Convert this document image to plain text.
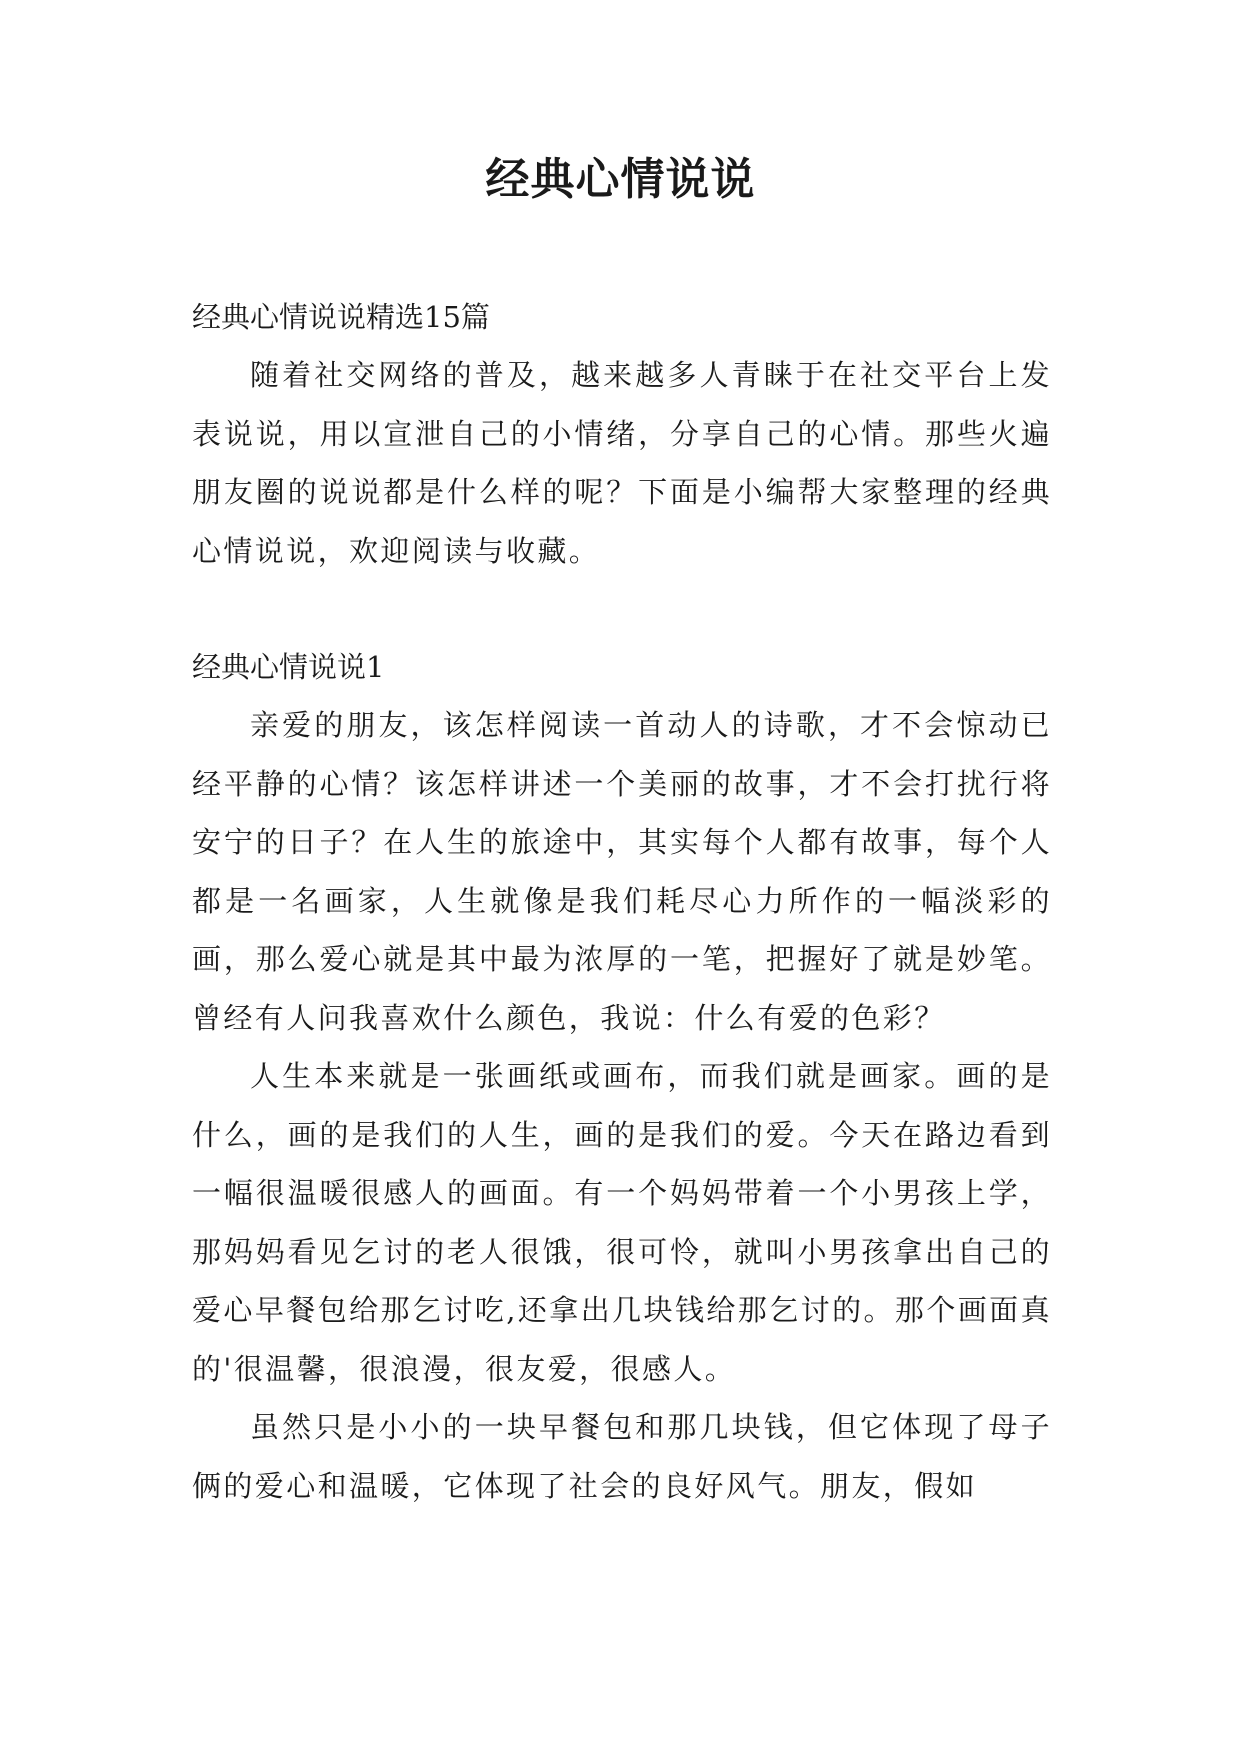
经典心情说说

经典心情说说精选15篇

随着社交网络的普及，越来越多人青睐于在社交平台上发表说说，用以宣泄自己的小情绪，分享自己的心情。那些火遍朋友圈的说说都是什么样的呢？下面是小编帮大家整理的经典心情说说，欢迎阅读与收藏。

经典心情说说1

亲爱的朋友，该怎样阅读一首动人的诗歌，才不会惊动已经平静的心情？该怎样讲述一个美丽的故事，才不会打扰行将安宁的日子？在人生的旅途中，其实每个人都有故事，每个人都是一名画家，人生就像是我们耗尽心力所作的一幅淡彩的画，那么爱心就是其中最为浓厚的一笔，把握好了就是妙笔。曾经有人问我喜欢什么颜色，我说：什么有爱的色彩？

人生本来就是一张画纸或画布，而我们就是画家。画的是什么，画的是我们的人生，画的是我们的爱。今天在路边看到一幅很温暖很感人的画面。有一个妈妈带着一个小男孩上学，那妈妈看见乞讨的老人很饿，很可怜，就叫小男孩拿出自己的爱心早餐包给那乞讨吃,还拿出几块钱给那乞讨的。那个画面真的'很温馨，很浪漫，很友爱，很感人。

虽然只是小小的一块早餐包和那几块钱，但它体现了母子俩的爱心和温暖，它体现了社会的良好风气。朋友，假如
